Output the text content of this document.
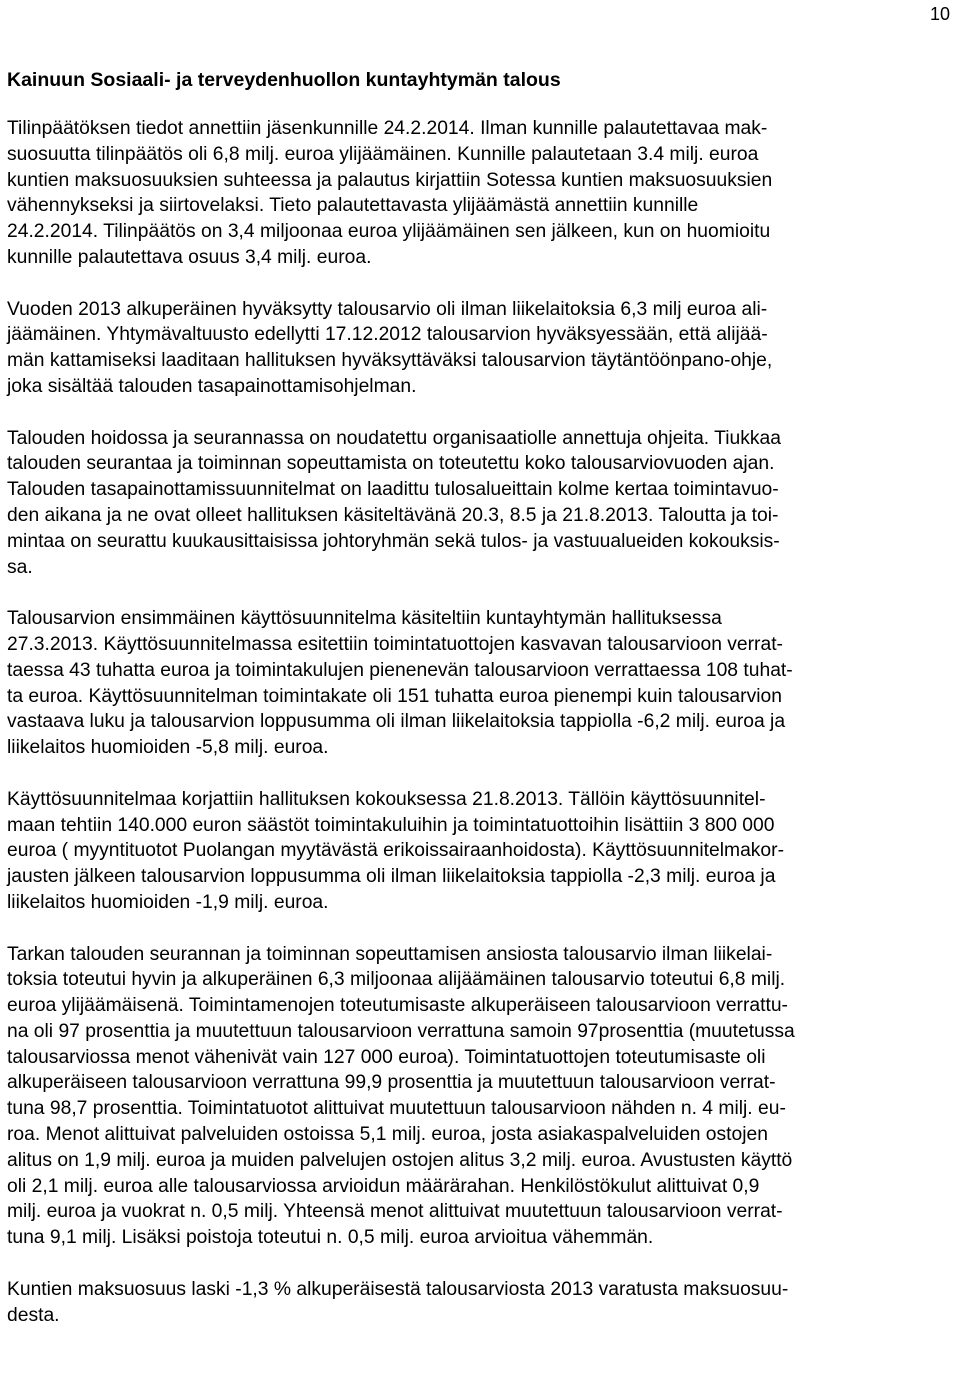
10
Kainuun Sosiaali- ja terveydenhuollon kuntayhtymän talous

Tilinpäätöksen tiedot annettiin jäsenkunnille 24.2.2014. Ilman kunnille palautettavaa mak-
suosuutta tilinpäätös oli 6,8 milj. euroa ylijäämäinen. Kunnille palautetaan 3.4 milj. euroa
kuntien maksuosuuksien suhteessa ja palautus kirjattiin Sotessa kuntien maksuosuuksien
vähennykseksi ja siirtovelaksi. Tieto palautettavasta ylijäämästä annettiin kunnille
24.2.2014. Tilinpäätös on 3,4 miljoonaa euroa ylijäämäinen sen jälkeen, kun on huomioitu
kunnille palautettava osuus 3,4 milj. euroa.

Vuoden 2013 alkuperäinen hyväksytty talousarvio oli ilman liikelaitoksia 6,3 milj euroa ali-
jäämäinen. Yhtymävaltuusto edellytti 17.12.2012 talousarvion hyväksyessään, että alijää-
män kattamiseksi laaditaan hallituksen hyväksyttäväksi talousarvion täytäntöönpano-ohje,
joka sisältää talouden tasapainottamisohjelman.

Talouden hoidossa ja seurannassa on noudatettu organisaatiolle annettuja ohjeita. Tiukkaa
talouden seurantaa ja toiminnan sopeuttamista on toteutettu koko talousarviovuoden ajan.
Talouden tasapainottamissuunnitelmat on laadittu tulosalueittain kolme kertaa toimintavuo-
den aikana ja ne ovat olleet hallituksen käsiteltävänä 20.3, 8.5 ja 21.8.2013. Taloutta ja toi-
mintaa on seurattu kuukausittaisissa johtoryhmän sekä tulos- ja vastuualueiden kokouksis-
sa.

Talousarvion ensimmäinen käyttösuunnitelma käsiteltiin kuntayhtymän hallituksessa
27.3.2013. Käyttösuunnitelmassa esitettiin toimintatuottojen kasvavan talousarvioon verrat-
taessa 43 tuhatta euroa ja toimintakulujen pienenevän talousarvioon verrattaessa 108 tuhat-
ta euroa. Käyttösuunnitelman toimintakate oli 151 tuhatta euroa pienempi kuin talousarvion
vastaava luku ja talousarvion loppusumma oli ilman liikelaitoksia tappiolla -6,2 milj. euroa ja
liikelaitos huomioiden -5,8 milj. euroa.

Käyttösuunnitelmaa korjattiin hallituksen kokouksessa 21.8.2013. Tällöin käyttösuunnitel-
maan tehtiin 140.000 euron säästöt toimintakuluihin ja toimintatuottoihin lisättiin 3 800 000
euroa ( myyntituotot Puolangan myytävästä erikoissairaanhoidosta). Käyttösuunnitelmakor-
jausten jälkeen talousarvion loppusumma oli ilman liikelaitoksia tappiolla -2,3 milj. euroa ja
liikelaitos huomioiden -1,9 milj. euroa.

Tarkan talouden seurannan ja toiminnan sopeuttamisen ansiosta talousarvio ilman liikelai-
toksia toteutui hyvin ja alkuperäinen 6,3 miljoonaa alijäämäinen talousarvio toteutui 6,8 milj.
euroa ylijäämäisenä. Toimintamenojen toteutumisaste alkuperäiseen talousarvioon verrattu-
na oli 97 prosenttia ja muutettuun talousarvioon verrattuna samoin 97prosenttia (muutetussa
talousarviossa menot vähenivät vain 127 000 euroa). Toimintatuottojen toteutumisaste oli
alkuperäiseen talousarvioon verrattuna 99,9 prosenttia ja muutettuun talousarvioon verrat-
tuna 98,7 prosenttia. Toimintatuotot alittuivat muutettuun talousarvioon nähden n. 4 milj. eu-
roa. Menot alittuivat palveluiden ostoissa 5,1 milj. euroa, josta asiakaspalveluiden ostojen
alitus on 1,9 milj. euroa ja muiden palvelujen ostojen alitus 3,2 milj. euroa. Avustusten käyttö
oli 2,1 milj. euroa alle talousarviossa arvioidun määrärahan. Henkilöstökulut alittuivat 0,9
milj. euroa ja vuokrat n. 0,5 milj. Yhteensä menot alittuivat muutettuun talousarvioon verrat-
tuna 9,1 milj. Lisäksi poistoja toteutui n. 0,5 milj. euroa arvioitua vähemmän.

Kuntien maksuosuus laski -1,3 % alkuperäisestä talousarviosta 2013 varatusta maksuosuu-
desta.
